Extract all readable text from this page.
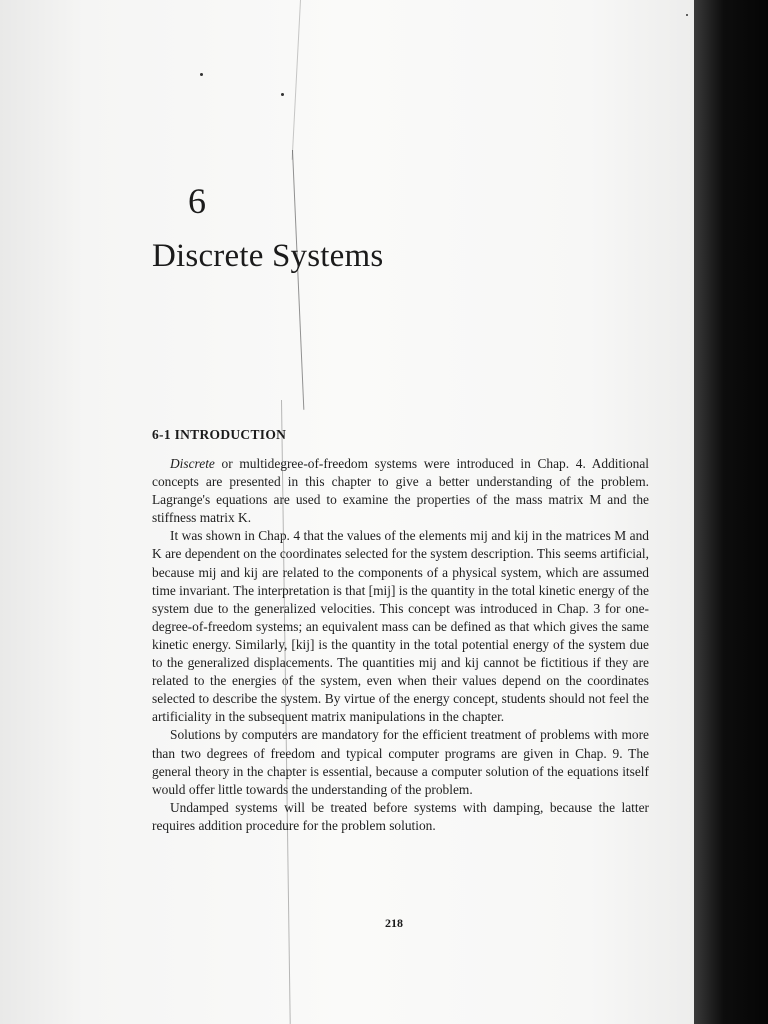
6
Discrete Systems
6-1 INTRODUCTION

Discrete or multidegree-of-freedom systems were introduced in Chap. 4. Additional concepts are presented in this chapter to give a better understanding of the problem. Lagrange's equations are used to examine the properties of the mass matrix M and the stiffness matrix K.

It was shown in Chap. 4 that the values of the elements mij and kij in the matrices M and K are dependent on the coordinates selected for the system description. This seems artificial, because mij and kij are related to the components of a physical system, which are assumed time invariant. The interpretation is that [mij] is the quantity in the total kinetic energy of the system due to the generalized velocities. This concept was introduced in Chap. 3 for one-degree-of-freedom systems; an equivalent mass can be defined as that which gives the same kinetic energy. Similarly, [kij] is the quantity in the total potential energy of the system due to the generalized displacements. The quantities mij and kij cannot be fictitious if they are related to the energies of the system, even when their values depend on the coordinates selected to describe the system. By virtue of the energy concept, students should not feel the artificiality in the subsequent matrix manipulations in the chapter.

Solutions by computers are mandatory for the efficient treatment of problems with more than two degrees of freedom and typical computer programs are given in Chap. 9. The general theory in the chapter is essential, because a computer solution of the equations itself would offer little towards the understanding of the problem.

Undamped systems will be treated before systems with damping, because the latter requires addition procedure for the problem solution.

218
